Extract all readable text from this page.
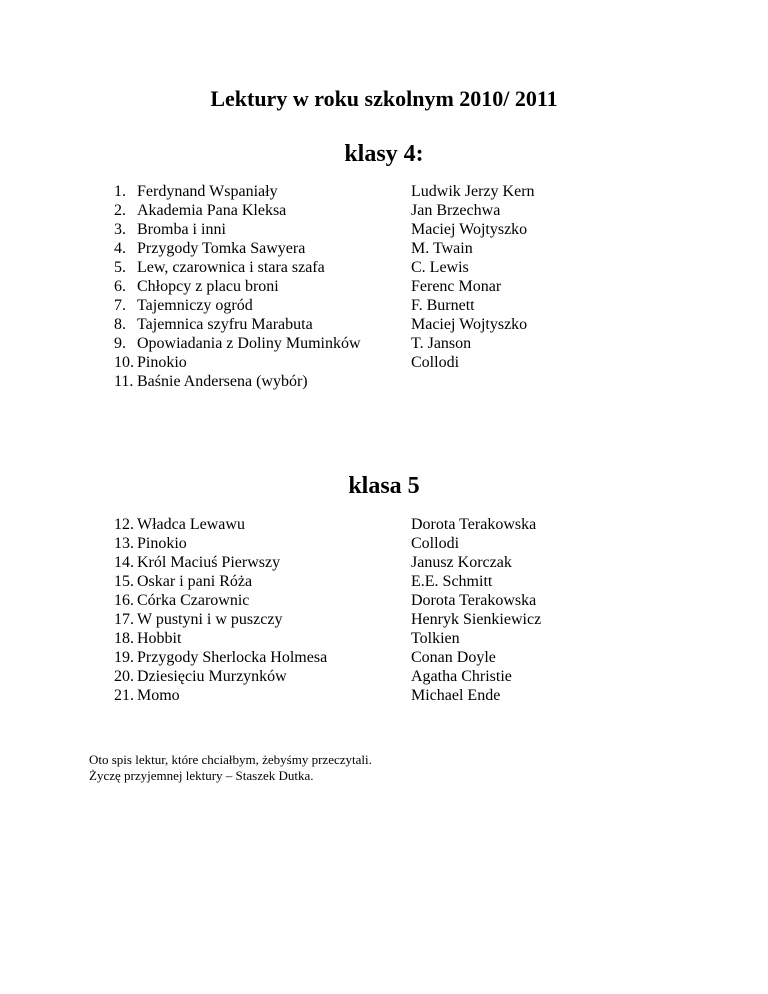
Lektury w roku szkolnym 2010/ 2011
klasy 4:
1. Ferdynand Wspaniały	Ludwik Jerzy Kern
2. Akademia Pana Kleksa	Jan Brzechwa
3. Bromba i inni	Maciej Wojtyszko
4. Przygody Tomka Sawyera	M. Twain
5. Lew, czarownica i stara szafa	C. Lewis
6. Chłopcy z placu broni	Ferenc Monar
7. Tajemniczy ogród	F. Burnett
8. Tajemnica szyfru Marabuta	Maciej Wojtyszko
9. Opowiadania z Doliny Muminków	T. Janson
10. Pinokio	Collodi
11. Baśnie Andersena (wybór)
klasa 5
12. Władca Lewawu	Dorota Terakowska
13. Pinokio	Collodi
14. Król Maciuś Pierwszy	Janusz Korczak
15. Oskar i pani Róża	E.E. Schmitt
16. Córka Czarownic	Dorota Terakowska
17. W pustyni i w puszczy	Henryk Sienkiewicz
18. Hobbit	Tolkien
19. Przygody Sherlocka Holmesa	Conan Doyle
20. Dziesięciu Murzynków	Agatha Christie
21. Momo	Michael Ende
Oto spis lektur, które chciałbym, żebyśmy przeczytali.
Życzę przyjemnej lektury – Staszek Dutka.
